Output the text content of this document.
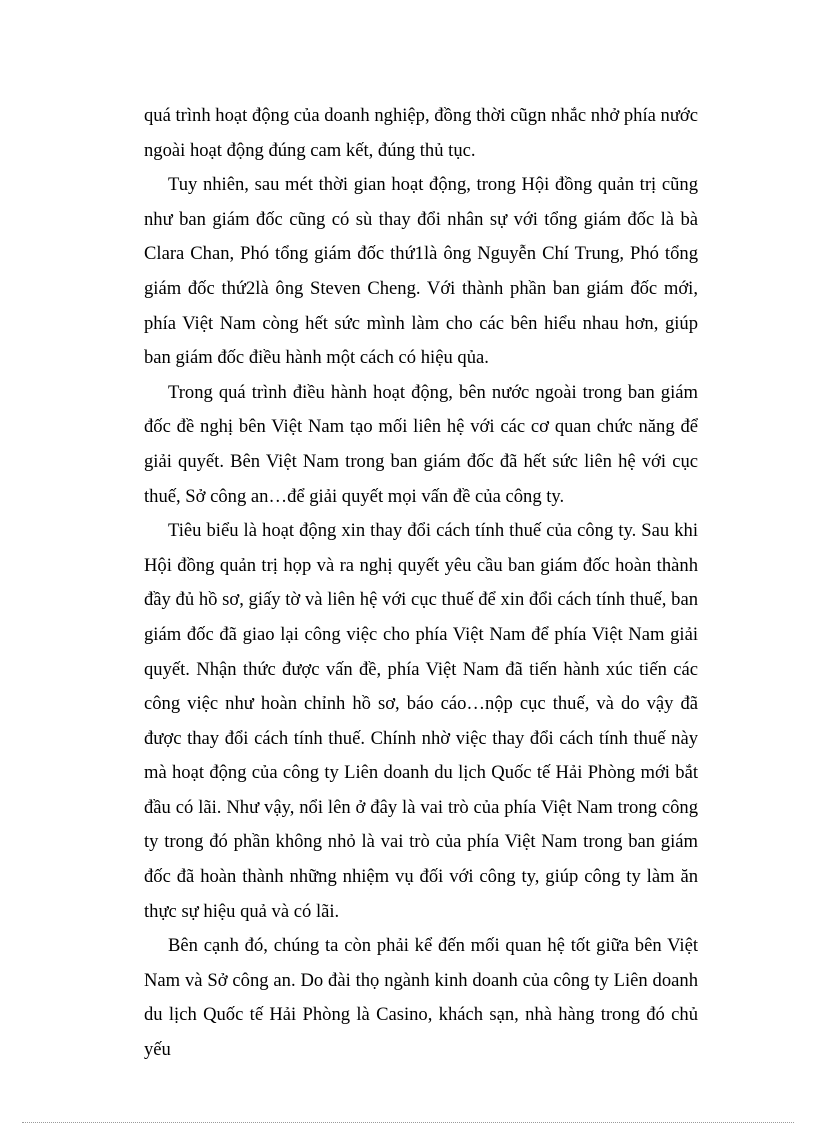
quá trình hoạt động của doanh nghiệp, đồng thời cũgn nhắc nhở phía nước ngoài hoạt động đúng cam kết, đúng thủ tục.

Tuy nhiên, sau mét thời gian hoạt động, trong Hội đồng quản trị cũng như ban giám đốc cũng có sù thay đổi nhân sự với tổng giám đốc là bà Clara Chan, Phó tổng giám đốc thứ1là ông Nguyễn Chí Trung, Phó tổng giám đốc thứ2là ông Steven Cheng. Với thành phần ban giám đốc mới, phía Việt Nam còng hết sức mình làm cho các bên hiểu nhau hơn, giúp ban giám đốc điều hành một cách có hiệu qủa.

Trong quá trình điều hành hoạt động, bên nước ngoài trong ban giám đốc đề nghị bên Việt Nam tạo mối liên hệ với các cơ quan chức năng để giải quyết. Bên Việt Nam trong ban giám đốc đã hết sức liên hệ với cục thuế, Sở công an…để giải quyết mọi vấn đề của công ty.

Tiêu biểu là hoạt động xin thay đổi cách tính thuế của công ty. Sau khi Hội đồng quản trị họp và ra nghị quyết yêu cầu ban giám đốc hoàn thành đầy đủ hồ sơ, giấy tờ và liên hệ với cục thuế để xin đổi cách tính thuế, ban giám đốc đã giao lại công việc cho phía Việt Nam để phía Việt Nam giải quyết. Nhận thức được vấn đề, phía Việt Nam đã tiến hành xúc tiến các công việc như hoàn chỉnh hồ sơ, báo cáo…nộp cục thuế, và do vậy đã được thay đổi cách tính thuế. Chính nhờ việc thay đổi cách tính thuế này mà hoạt động của công ty Liên doanh du lịch Quốc tế Hải Phòng mới bắt đầu có lãi. Như vậy, nổi lên ở đây là vai trò của phía Việt Nam trong công ty trong đó phần không nhỏ là vai trò của phía Việt Nam trong ban giám đốc đã hoàn thành những nhiệm vụ đối với công ty, giúp công ty làm ăn thực sự hiệu quả và có lãi.

Bên cạnh đó, chúng ta còn phải kể đến mối quan hệ tốt giữa bên Việt Nam và Sở công an. Do đài thọ ngành kinh doanh của công ty Liên doanh du lịch Quốc tế Hải Phòng là Casino, khách sạn, nhà hàng trong đó chủ yếu
